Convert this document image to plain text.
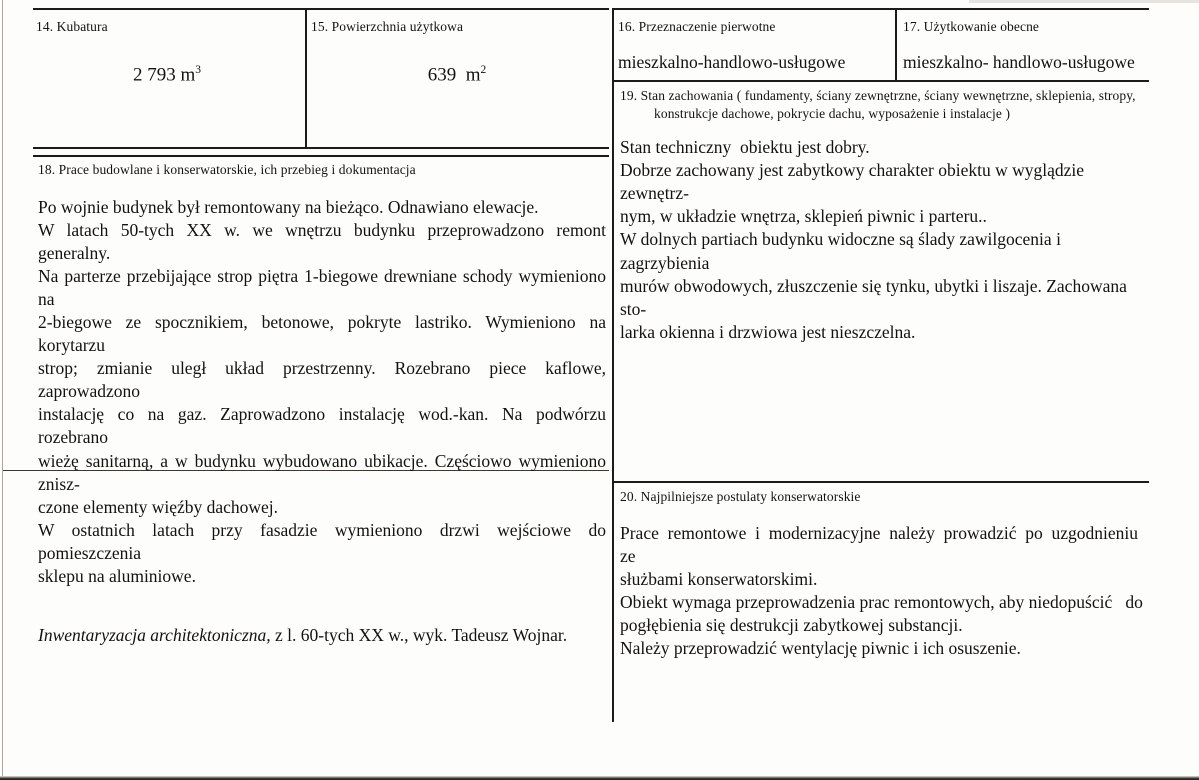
14. Kubatura
2 793 $m^3$
15. Powierzchnia użytkowa
639 $m^2$
16. Przeznaczenie pierwotne
mieszkalno-handlowo-usługowe
17. Użytkowanie obecne
mieszkalno- handlowo-usługowe
19. Stan zachowania ( fundamenty, ściany zewnętrzne, ściany wewnętrzne, sklepienia, stropy,
konstrukcje dachowe, pokrycie dachu, wyposażenie i instalacje )
Stan techniczny  obiektu jest dobry.
Dobrze zachowany jest zabytkowy charakter obiektu w wyglądzie zewnętrz-
nym, w układzie wnętrza, sklepień piwnic i parteru..
W dolnych partiach budynku widoczne są ślady zawilgocenia i zagrzybienia
murów obwodowych, złuszczenie się tynku, ubytki i liszaje. Zachowana sto-
larka okienna i drzwiowa jest nieszczelna.
18. Prace budowlane i konserwatorskie, ich przebieg i dokumentacja
Po wojnie budynek był remontowany na bieżąco. Odnawiano elewacje.
W latach 50-tych XX w. we wnętrzu budynku przeprowadzono remont generalny.
Na parterze przebijające strop piętra 1-biegowe drewniane schody wymieniono na
2-biegowe ze spocznikiem, betonowe, pokryte lastriko. Wymieniono na korytarzu
strop; zmianie uległ układ przestrzenny. Rozebrano piece kaflowe, zaprowadzono
instalację co na gaz. Zaprowadzono instalację wod.-kan. Na podwórzu rozebrano
wieżę sanitarną, a w budynku wybudowano ubikacje. Częściowo wymieniono znisz-
czone elementy więźby dachowej.
W ostatnich latach przy fasadzie wymieniono drzwi wejściowe do pomieszczenia
sklepu na aluminiowe.
Inwentaryzacja architektoniczna, z l. 60-tych XX w., wyk. Tadeusz Wojnar.
20. Najpilniejsze postulaty konserwatorskie
Prace  remontowe  i  modernizacyjne  należy  prowadzić  po  uzgodnieniu  ze
służbami konserwatorskimi.
Obiekt wymaga przeprowadzenia prac remontowych, aby niedopuścić   do
pogłębienia się destrukcji zabytkowej substancji.
Należy przeprowadzić wentylację piwnic i ich osuszenie.
